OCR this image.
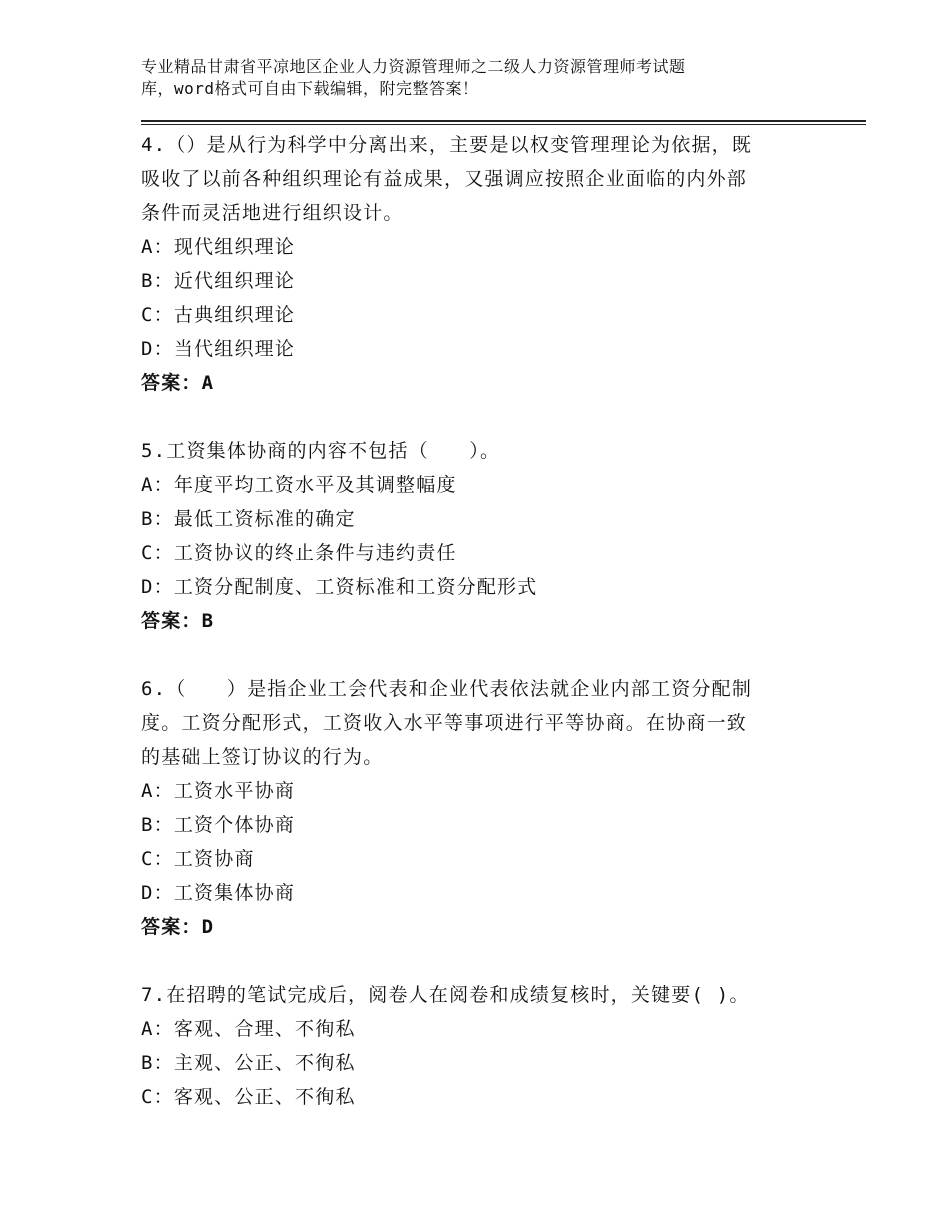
专业精品甘肃省平凉地区企业人力资源管理师之二级人力资源管理师考试题
库，word格式可自由下载编辑，附完整答案！
4.（）是从行为科学中分离出来，主要是以权变管理理论为依据，既
吸收了以前各种组织理论有益成果，又强调应按照企业面临的内外部
条件而灵活地进行组织设计。
A：现代组织理论
B：近代组织理论
C：古典组织理论
D：当代组织理论
答案：A
5.工资集体协商的内容不包括（　　）。
A：年度平均工资水平及其调整幅度
B：最低工资标准的确定
C：工资协议的终止条件与违约责任
D：工资分配制度、工资标准和工资分配形式
答案：B
6.（　　）是指企业工会代表和企业代表依法就企业内部工资分配制
度。工资分配形式，工资收入水平等事项进行平等协商。在协商一致
的基础上签订协议的行为。
A：工资水平协商
B：工资个体协商
C：工资协商
D：工资集体协商
答案：D
7.在招聘的笔试完成后，阅卷人在阅卷和成绩复核时，关键要( )。
A：客观、合理、不徇私
B：主观、公正、不徇私
C：客观、公正、不徇私
